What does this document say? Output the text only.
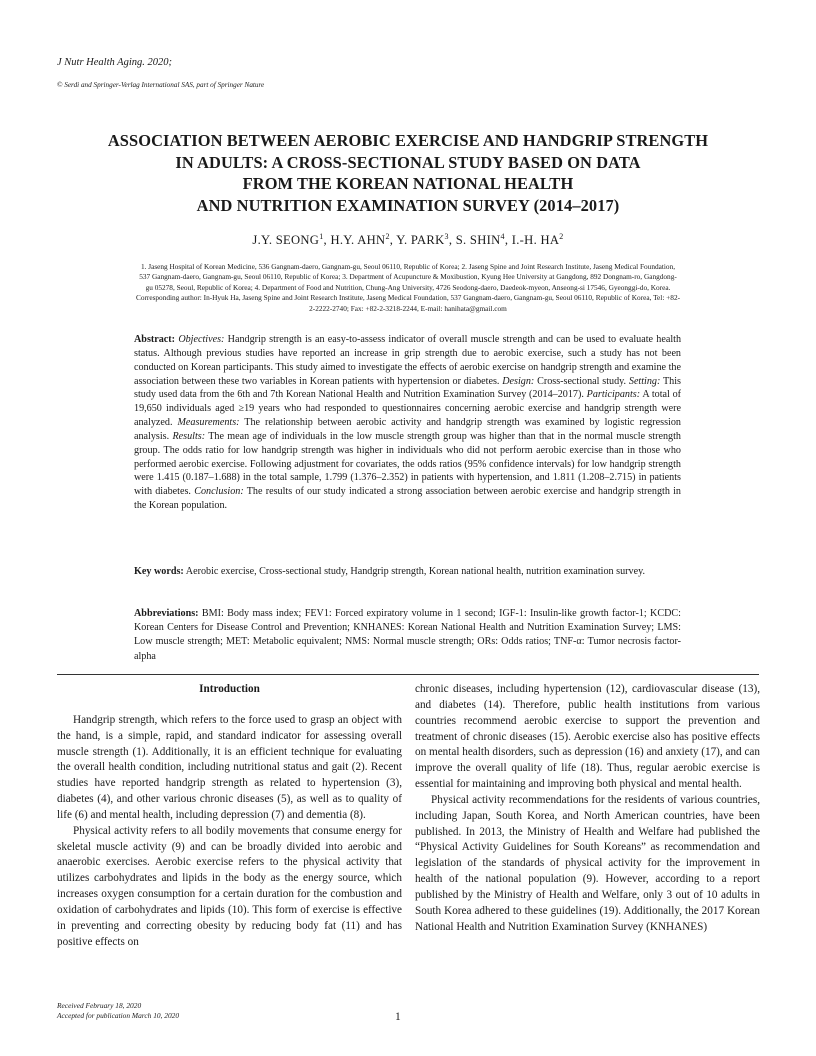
J Nutr Health Aging. 2020;
© Serdi and Springer-Verlag International SAS, part of Springer Nature
ASSOCIATION BETWEEN AEROBIC EXERCISE AND HANDGRIP STRENGTH
IN ADULTS: A CROSS-SECTIONAL STUDY BASED ON DATA
FROM THE KOREAN NATIONAL HEALTH
AND NUTRITION EXAMINATION SURVEY (2014–2017)
J.Y. SEONG$^1$, H.Y. AHN$^2$, Y. PARK$^3$, S. SHIN$^4$, I.-H. $HA^2$
1. Jaseng Hospital of Korean Medicine, 536 Gangnam-daero, Gangnam-gu, Seoul 06110, Republic of Korea; 2. Jaseng Spine and Joint Research Institute, Jaseng Medical Foundation,
537 Gangnam-daero, Gangnam-gu, Seoul 06110, Republic of Korea; 3. Department of Acupuncture & Moxibustion, Kyung Hee University at Gangdong, 892 Dongnam-ro, Gangdong-
gu 05278, Seoul, Republic of Korea; 4. Department of Food and Nutrition, Chung-Ang University, 4726 Seodong-daero, Daedeok-myeon, Anseong-si 17546, Gyeonggi-do, Korea.
Corresponding author: In-Hyuk Ha, Jaseng Spine and Joint Research Institute, Jaseng Medical Foundation, 537 Gangnam-daero, Gangnam-gu, Seoul 06110, Republic of Korea, Tel: +82-
2-2222-2740; Fax: +82-2-3218-2244, E-mail: hanihata@gmail.com
Abstract: Objectives: Handgrip strength is an easy-to-assess indicator of overall muscle strength and can be used to evaluate health status. Although previous studies have reported an increase in grip strength due to aerobic exercise, such a study has not been conducted on Korean participants. This study aimed to investigate the effects of aerobic exercise on handgrip strength and examine the association between these two variables in Korean patients with hypertension or diabetes. Design: Cross-sectional study. Setting: This study used data from the 6th and 7th Korean National Health and Nutrition Examination Survey (2014–2017). Participants: A total of 19,650 individuals aged ≥19 years who had responded to questionnaires concerning aerobic exercise and handgrip strength were analyzed. Measurements: The relationship between aerobic activity and handgrip strength was examined by logistic regression analysis. Results: The mean age of individuals in the low muscle strength group was higher than that in the normal muscle strength group. The odds ratio for low handgrip strength was higher in individuals who did not perform aerobic exercise than in those who performed aerobic exercise. Following adjustment for covariates, the odds ratios (95% confidence intervals) for low handgrip strength were 1.415 (0.187–1.688) in the total sample, 1.799 (1.376–2.352) in patients with hypertension, and 1.811 (1.208–2.715) in patients with diabetes. Conclusion: The results of our study indicated a strong association between aerobic exercise and handgrip strength in the Korean population.
Key words: Aerobic exercise, Cross-sectional study, Handgrip strength, Korean national health, nutrition examination survey.
Abbreviations: BMI: Body mass index; FEV1: Forced expiratory volume in 1 second; IGF-1: Insulin-like growth factor-1; KCDC: Korean Centers for Disease Control and Prevention; KNHANES: Korean National Health and Nutrition Examination Survey; LMS: Low muscle strength; MET: Metabolic equivalent; NMS: Normal muscle strength; ORs: Odds ratios; TNF-α: Tumor necrosis factor-alpha

Introduction

Handgrip strength, which refers to the force used to grasp an object with the hand, is a simple, rapid, and standard indicator for assessing overall muscle strength (1). Additionally, it is an efficient technique for evaluating the overall health condition, including nutritional status and gait (2). Recent studies have reported handgrip strength as related to hypertension (3), diabetes (4), and other various chronic diseases (5), as well as to quality of life (6) and mental health, including depression (7) and dementia (8).

Physical activity refers to all bodily movements that consume energy for skeletal muscle activity (9) and can be broadly divided into aerobic and anaerobic exercises. Aerobic exercise refers to the physical activity that utilizes carbohydrates and lipids in the body as the energy source, which increases oxygen consumption for a certain duration for the combustion and oxidation of carbohydrates and lipids (10). This form of exercise is effective in preventing and correcting obesity by reducing body fat (11) and has positive effects on

chronic diseases, including hypertension (12), cardiovascular disease (13), and diabetes (14). Therefore, public health institutions from various countries recommend aerobic exercise to support the prevention and treatment of chronic diseases (15). Aerobic exercise also has positive effects on mental health disorders, such as depression (16) and anxiety (17), and can improve the overall quality of life (18). Thus, regular aerobic exercise is essential for maintaining and improving both physical and mental health.

Physical activity recommendations for the residents of various countries, including Japan, South Korea, and North American countries, have been published. In 2013, the Ministry of Health and Welfare had published the “Physical Activity Guidelines for South Koreans” as recommendation and legislation of the standards of physical activity for the improvement in health of the national population (9). However, according to a report published by the Ministry of Health and Welfare, only 3 out of 10 adults in South Korea adhered to these guidelines (19). Additionally, the 2017 Korean National Health and Nutrition Examination Survey (KNHANES)

Received February 18, 2020
Accepted for publication March 10, 2020	1
